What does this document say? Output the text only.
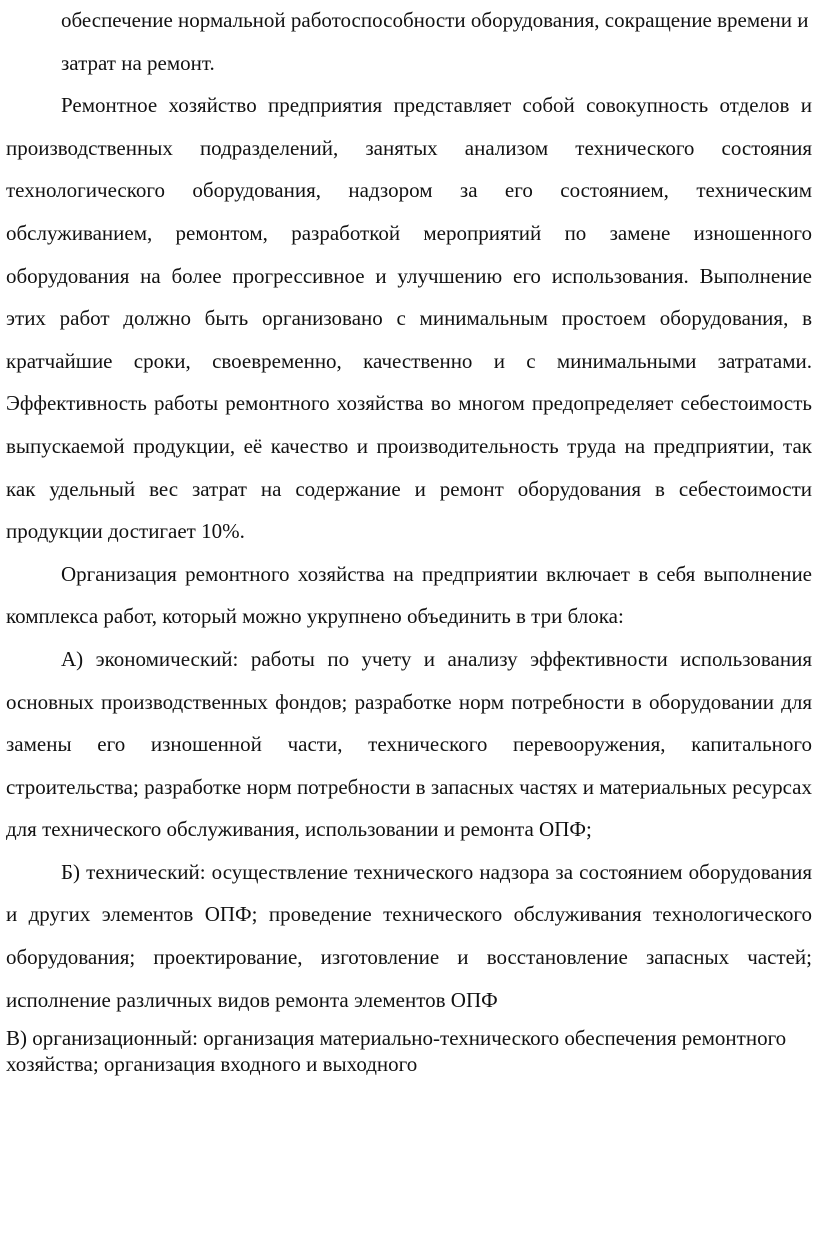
обеспечение нормальной работоспособности оборудования, сокращение времени и затрат на ремонт.

Ремонтное хозяйство предприятия представляет собой совокупность отделов и производственных подразделений, занятых анализом технического состояния технологического оборудования, надзором за его состоянием, техническим обслуживанием, ремонтом, разработкой мероприятий по замене изношенного оборудования на более прогрессивное и улучшению его использования. Выполнение этих работ должно быть организовано с минимальным простоем оборудования, в кратчайшие сроки, своевременно, качественно и с минимальными затратами. Эффективность работы ремонтного хозяйства во многом предопределяет себестоимость выпускаемой продукции, её качество и производительность труда на предприятии, так как удельный вес затрат на содержание и ремонт оборудования в себестоимости продукции достигает 10%.

Организация ремонтного хозяйства на предприятии включает в себя выполнение комплекса работ, который можно укрупнено объединить в три блока:

А) экономический: работы по учету и анализу эффективности использования основных производственных фондов; разработке норм потребности в оборудовании для замены его изношенной части, технического перевооружения, капитального строительства; разработке норм потребности в запасных частях и материальных ресурсах для технического обслуживания, использовании и ремонта ОПФ;

Б) технический: осуществление технического надзора за состоянием оборудования и других элементов ОПФ; проведение технического обслуживания технологического оборудования; проектирование, изготовление и восстановление запасных частей; исполнение различных видов ремонта элементов ОПФ

В) организационный: организация материально-технического обеспечения ремонтного хозяйства; организация входного и выходного
